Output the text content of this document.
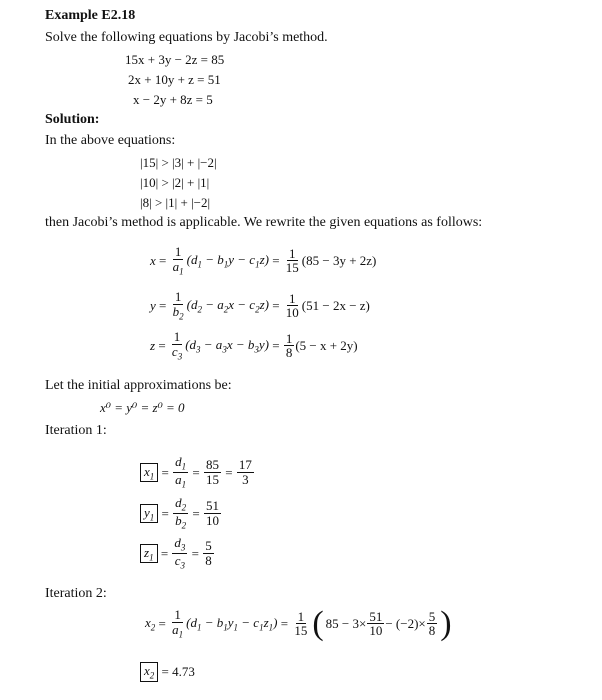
Example E2.18
Solve the following equations by Jacobi’s method.
15x + 3y − 2z = 85
2x + 10y + z = 51
x − 2y + 8z = 5
Solution:
In the above equations:
|15| > |3| + |−2|
|10| > |2| + |1|
|8| > |1| + |−2|
then Jacobi’s method is applicable. We rewrite the given equations as follows:
$x = \frac{1}{a_1} (d_1 - b_1y - c_1z) = \frac{1}{15} (85 - 3y + 2z)$
$y = \frac{1}{b_2} (d_2 - a_2x - c_2z) = \frac{1}{10} (51 - 2x - z)$
$z = \frac{1}{c_3} (d_3 - a_3x - b_3y) = \frac{1}{8} (5 - x + 2y)$
Let the initial approximations be:
x⁰ = y⁰ = z⁰ = 0
Iteration 1:
$x_1 = \frac{d_1}{a_1} = \frac{85}{15} = \frac{17}{3}$
$y_1 = \frac{d_2}{b_2} = \frac{51}{10}$
$z_1 = \frac{d_3}{c_3} = \frac{5}{8}$
Iteration 2:
$x_2 = \frac{1}{a_1} (d_1 - b_1y_1 - c_1z_1) = \frac{1}{15}$ ( $85 - 3\times \frac{51}{10} - (-2)\times \frac{5}{8}$ )
$x_2$
= 4.73
